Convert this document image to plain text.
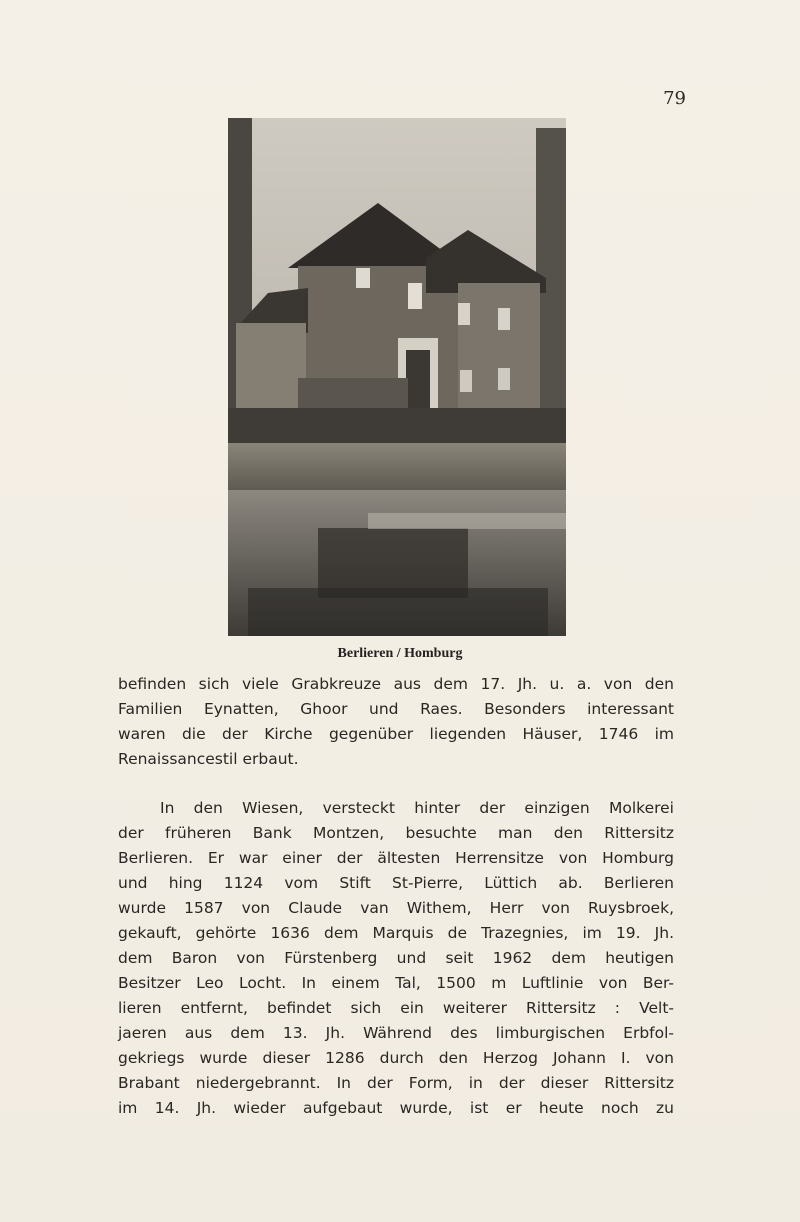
79
Berlieren / Homburg
befinden sich viele Grabkreuze aus dem 17. Jh. u. a. von den
Familien Eynatten, Ghoor und Raes. Besonders interessant
waren die der Kirche gegenüber liegenden Häuser, 1746 im
Renaissancestil erbaut.
In den Wiesen, versteckt hinter der einzigen Molkerei
der früheren Bank Montzen, besuchte man den Rittersitz
Berlieren. Er war einer der ältesten Herrensitze von Homburg
und hing 1124 vom Stift St-Pierre, Lüttich ab. Berlieren
wurde 1587 von Claude van Withem, Herr von Ruysbroek,
gekauft, gehörte 1636 dem Marquis de Trazegnies, im 19. Jh.
dem Baron von Fürstenberg und seit 1962 dem heutigen
Besitzer Leo Locht. In einem Tal, 1500 m Luftlinie von Ber-
lieren entfernt, befindet sich ein weiterer Rittersitz : Velt-
jaeren aus dem 13. Jh. Während des limburgischen Erbfol-
gekriegs wurde dieser 1286 durch den Herzog Johann I. von
Brabant niedergebrannt. In der Form, in der dieser Rittersitz
im 14. Jh. wieder aufgebaut wurde, ist er heute noch zu
